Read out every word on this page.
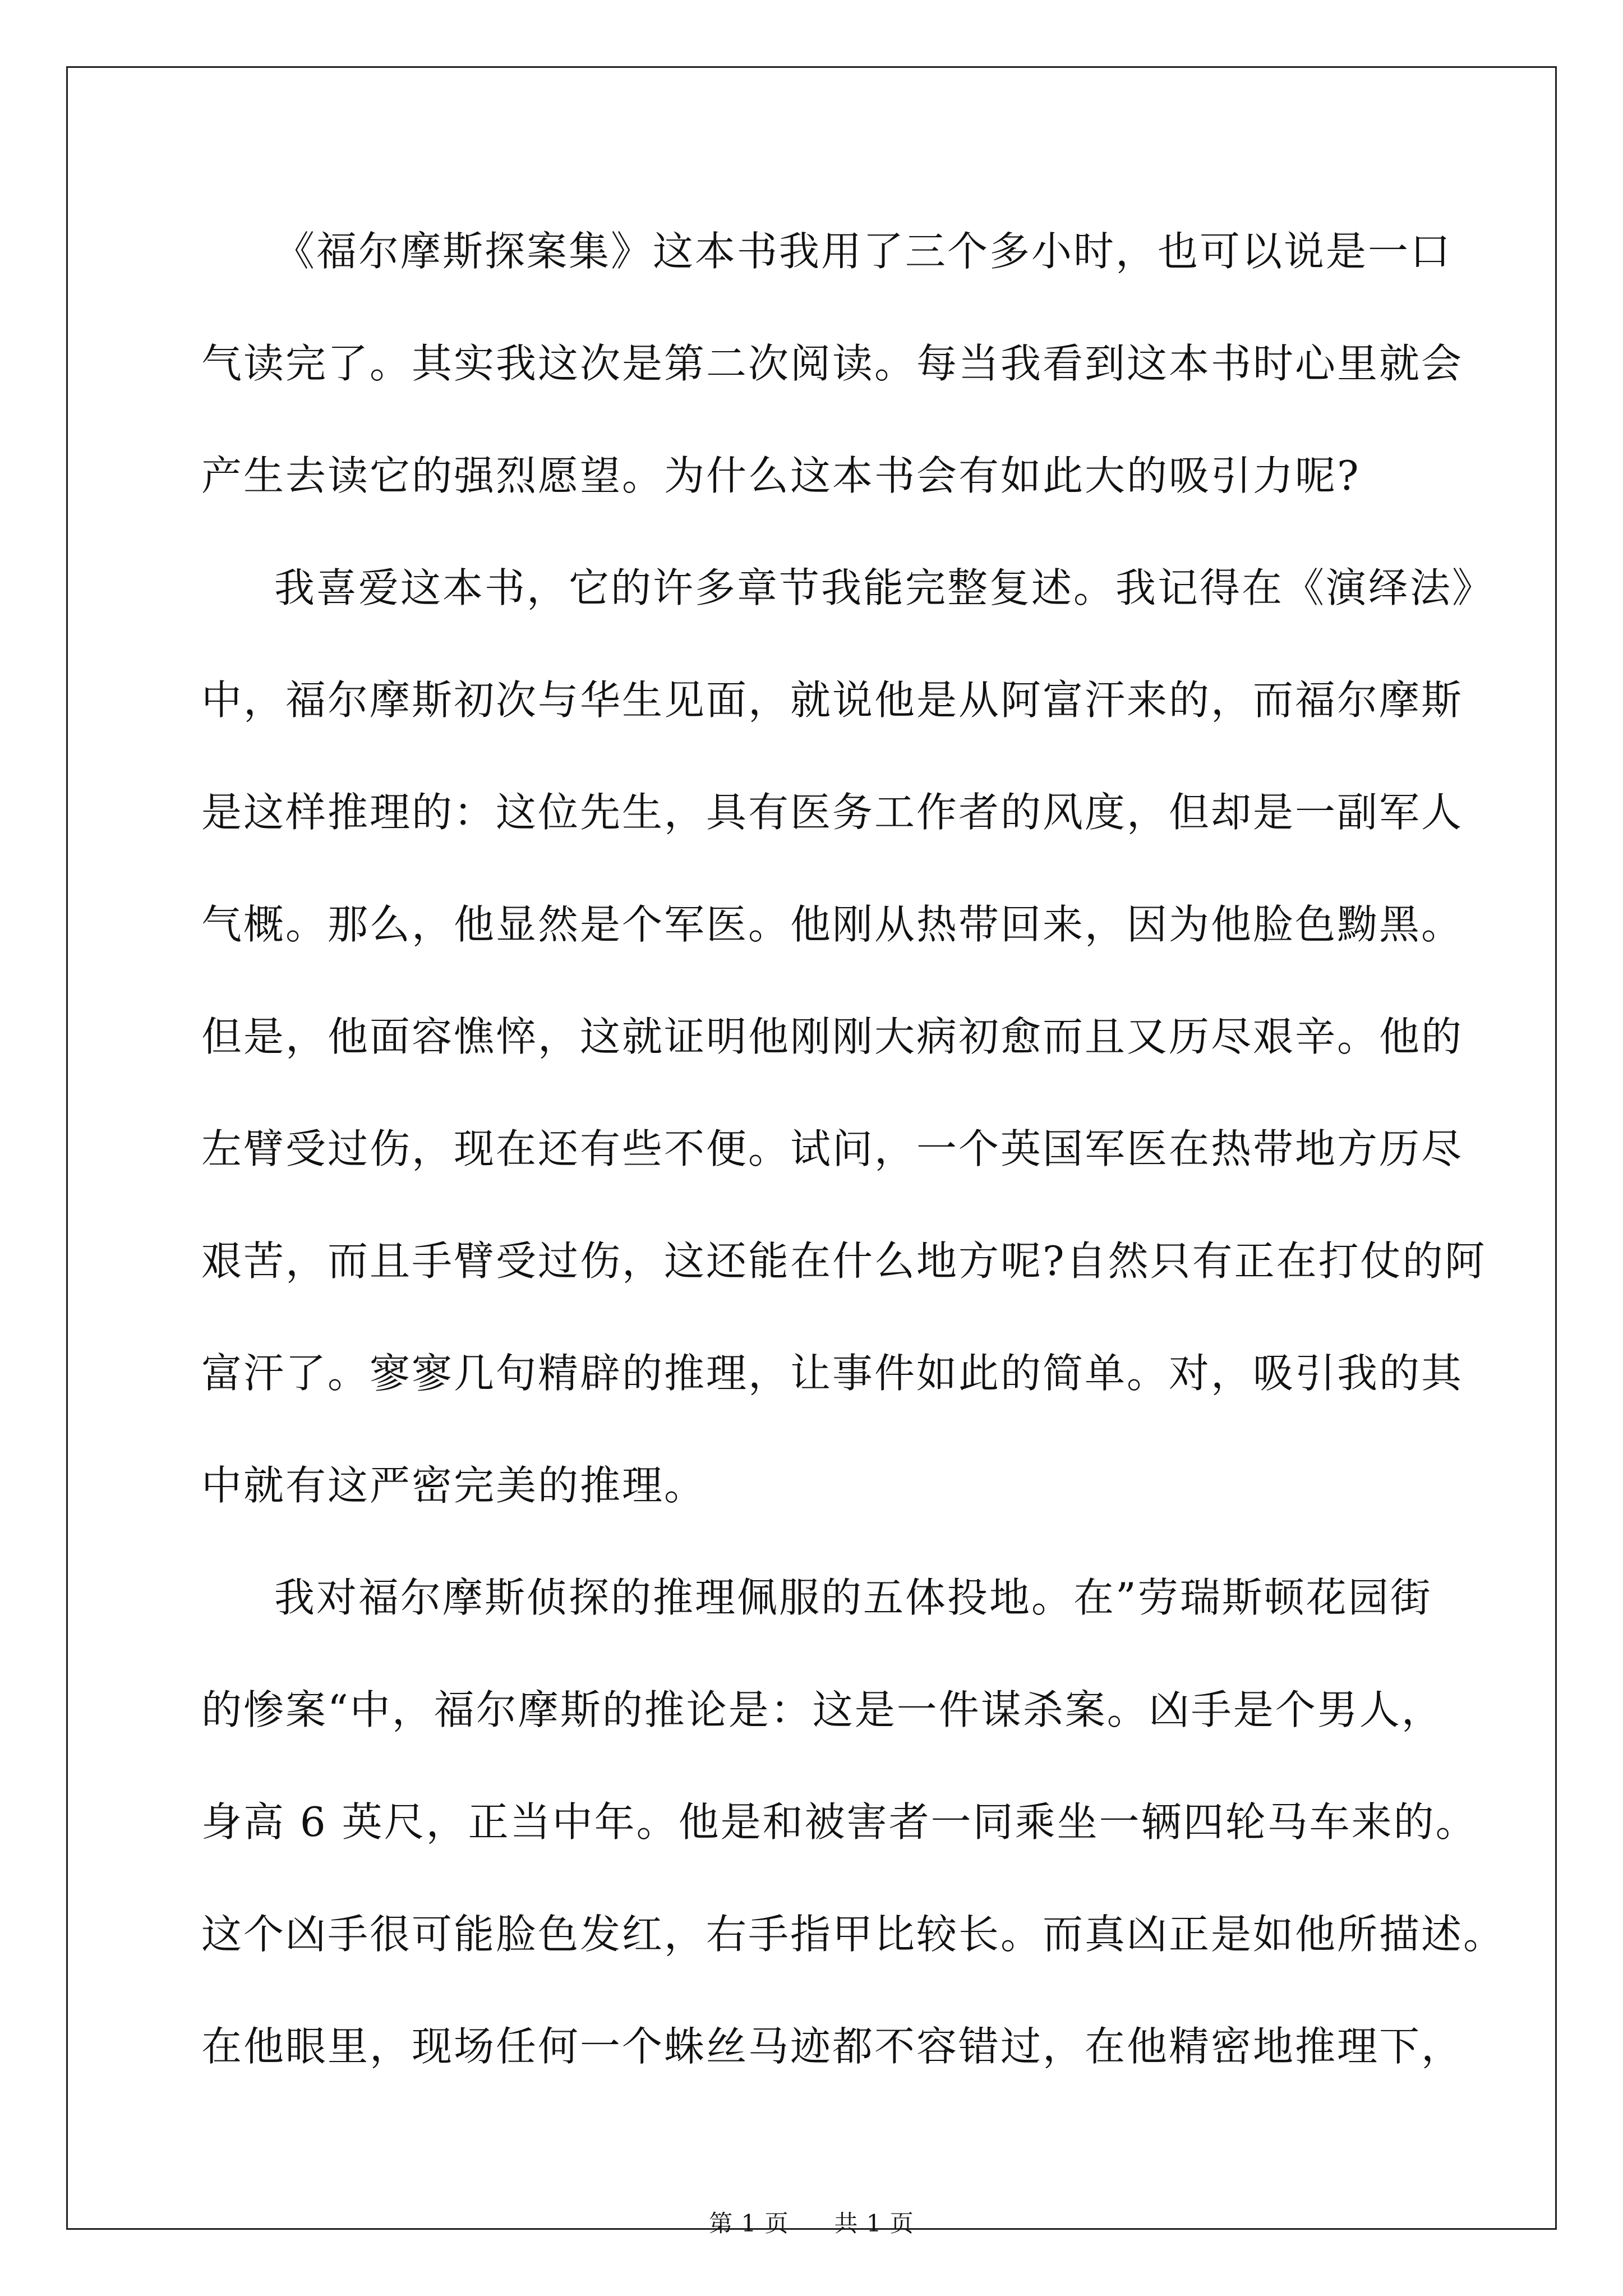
《福尔摩斯探案集》这本书我用了三个多小时，也可以说是一口
气读完了。其实我这次是第二次阅读。每当我看到这本书时心里就会
产生去读它的强烈愿望。为什么这本书会有如此大的吸引力呢?
我喜爱这本书，它的许多章节我能完整复述。我记得在《演绎法》
中，福尔摩斯初次与华生见面，就说他是从阿富汗来的，而福尔摩斯
是这样推理的：这位先生，具有医务工作者的风度，但却是一副军人
气概。那么，他显然是个军医。他刚从热带回来，因为他脸色黝黑。
但是，他面容憔悴，这就证明他刚刚大病初愈而且又历尽艰辛。他的
左臂受过伤，现在还有些不便。试问，一个英国军医在热带地方历尽
艰苦，而且手臂受过伤，这还能在什么地方呢?自然只有正在打仗的阿
富汗了。寥寥几句精辟的推理，让事件如此的简单。对，吸引我的其
中就有这严密完美的推理。
我对福尔摩斯侦探的推理佩服的五体投地。在”劳瑞斯顿花园街
的惨案“中，福尔摩斯的推论是：这是一件谋杀案。凶手是个男人，
身高 6 英尺，正当中年。他是和被害者一同乘坐一辆四轮马车来的。
这个凶手很可能脸色发红，右手指甲比较长。而真凶正是如他所描述。
在他眼里，现场任何一个蛛丝马迹都不容错过，在他精密地推理下，
第 1 页 共 1 页
